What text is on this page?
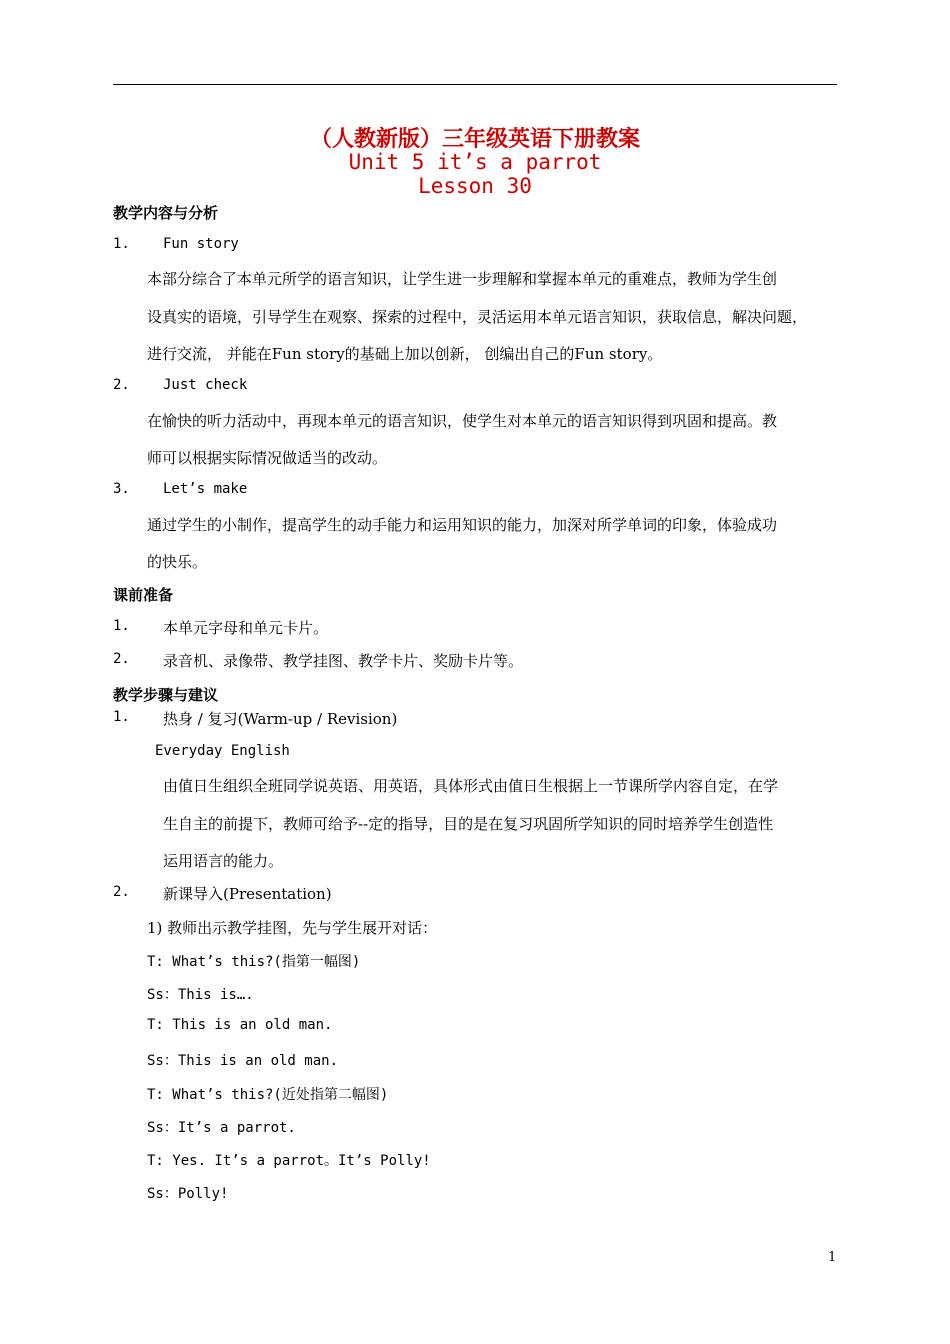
（人教新版）三年级英语下册教案
Unit 5 it’s a parrot
Lesson 30
教学内容与分析
1. Fun story
本部分综合了本单元所学的语言知识，让学生进一步理解和掌握本单元的重难点，教师为学生创
设真实的语境，引导学生在观察、探索的过程中，灵活运用本单元语言知识，获取信息，解决问题，
进行交流， 并能在Fun story的基础上加以创新， 创编出自己的Fun story。
2. Just check
在愉快的听力活动中，再现本单元的语言知识，使学生对本单元的语言知识得到巩固和提高。教
师可以根据实际情况做适当的改动。
3. Let’s make
通过学生的小制作，提高学生的动手能力和运用知识的能力，加深对所学单词的印象，体验成功
的快乐。
课前准备
1. 本单元字母和单元卡片。
2. 录音机、录像带、教学挂图、教学卡片、奖励卡片等。
教学步骤与建议
1. 热身 / 复习(Warm-up / Revision)
Everyday English
由值日生组织全班同学说英语、用英语，具体形式由值日生根据上一节课所学内容自定，在学
生自主的前提下，教师可给予--定的指导，目的是在复习巩固所学知识的同时培养学生创造性
运用语言的能力。
2. 新课导入(Presentation)
1) 教师出示教学挂图，先与学生展开对话：
T: What’s this?(指第一幅图)
Ss：This is….
T: This is an old man.
Ss：This is an old man.
T: What’s this?(近处指第二幅图)
Ss：It’s a parrot.
T: Yes. It’s a parrot。It’s Polly!
Ss：Polly!
1
